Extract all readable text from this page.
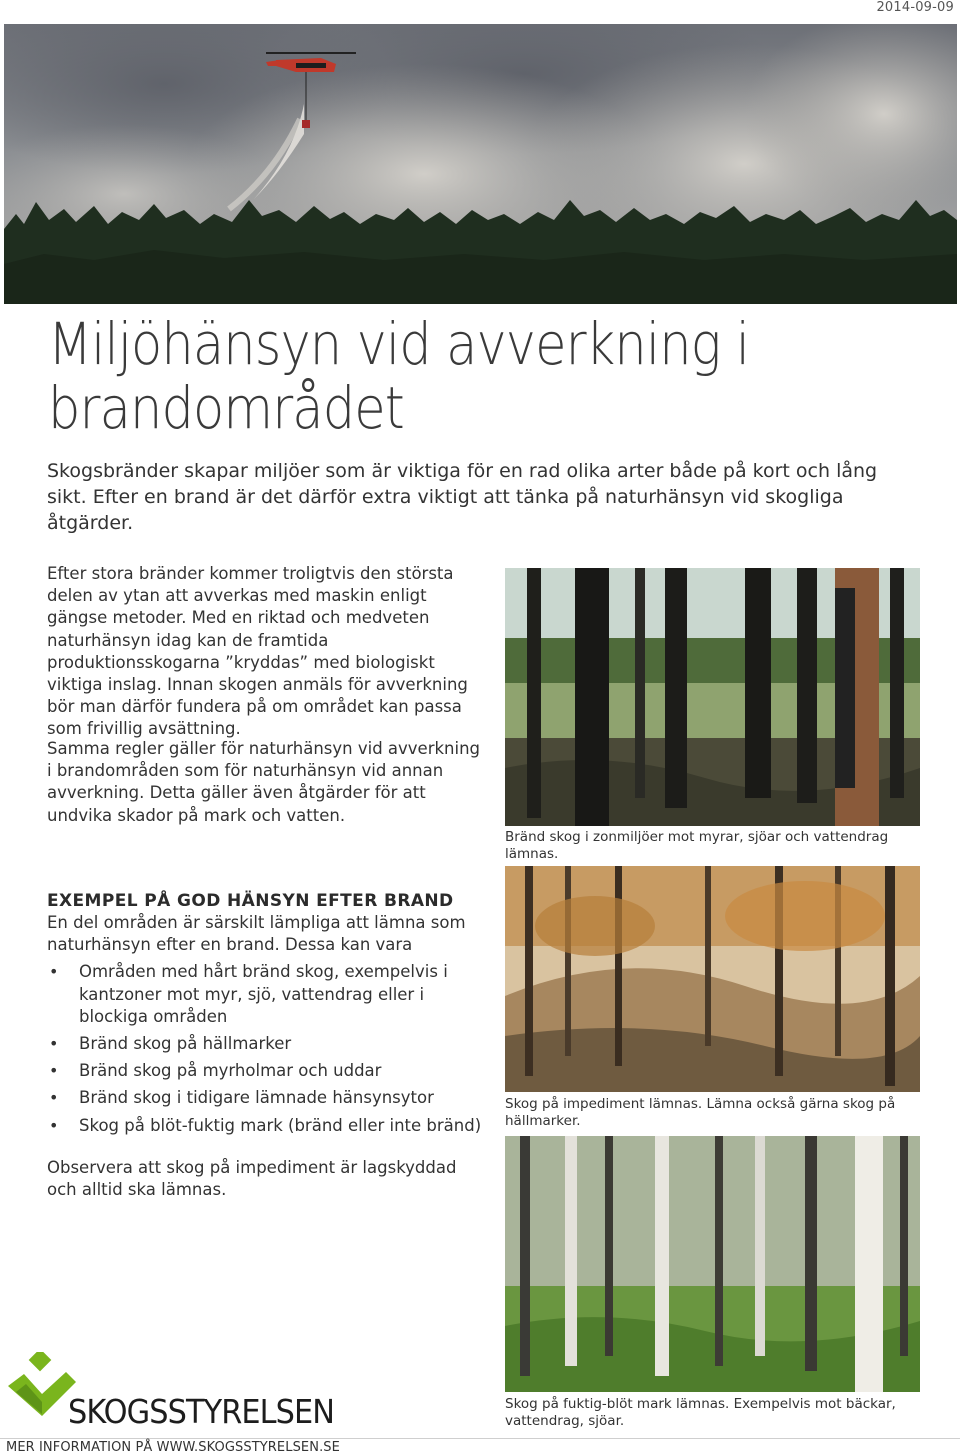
2014-09-09
Miljöhänsyn vid avverkning i brandområdet

Skogsbränder skapar miljöer som är viktiga för en rad olika arter både på kort och lång sikt. Efter en brand är det därför extra viktigt att tänka på naturhänsyn vid skogliga åtgärder.

Efter stora bränder kommer troligtvis den största delen av ytan att avverkas med maskin enligt gängse metoder. Med en riktad och medveten naturhänsyn idag kan de framtida produktionsskogarna ”kryddas” med biologiskt viktiga inslag. Innan skogen anmäls för avverkning bör man därför fundera på om området kan passa som frivillig avsättning.

Samma regler gäller för naturhänsyn vid avverkning i brandområden som för naturhänsyn vid annan avverkning. Detta gäller även åtgärder för att undvika skador på mark och vatten.

EXEMPEL PÅ GOD HÄNSYN EFTER BRAND

En del områden är särskilt lämpliga att lämna som naturhänsyn efter en brand. Dessa kan vara

• Områden med hårt bränd skog, exempelvis i kantzoner mot myr, sjö, vattendrag eller i blockiga områden
• Bränd skog på hällmarker
• Bränd skog på myrholmar och uddar
• Bränd skog i tidigare lämnade hänsynsytor
• Skog på blöt-fuktig mark (bränd eller inte bränd)

Observera att skog på impediment är lagskyddad och alltid ska lämnas.

Bränd skog i zonmiljöer mot myrar, sjöar och vattendrag lämnas.

Skog på impediment lämnas. Lämna också gärna skog på hällmarker.

Skog på fuktig-blöt mark lämnas. Exempelvis mot bäckar, vattendrag, sjöar.

SKOGSSTYRELSEN

MER INFORMATION PÅ WWW.SKOGSSTYRELSEN.SE
